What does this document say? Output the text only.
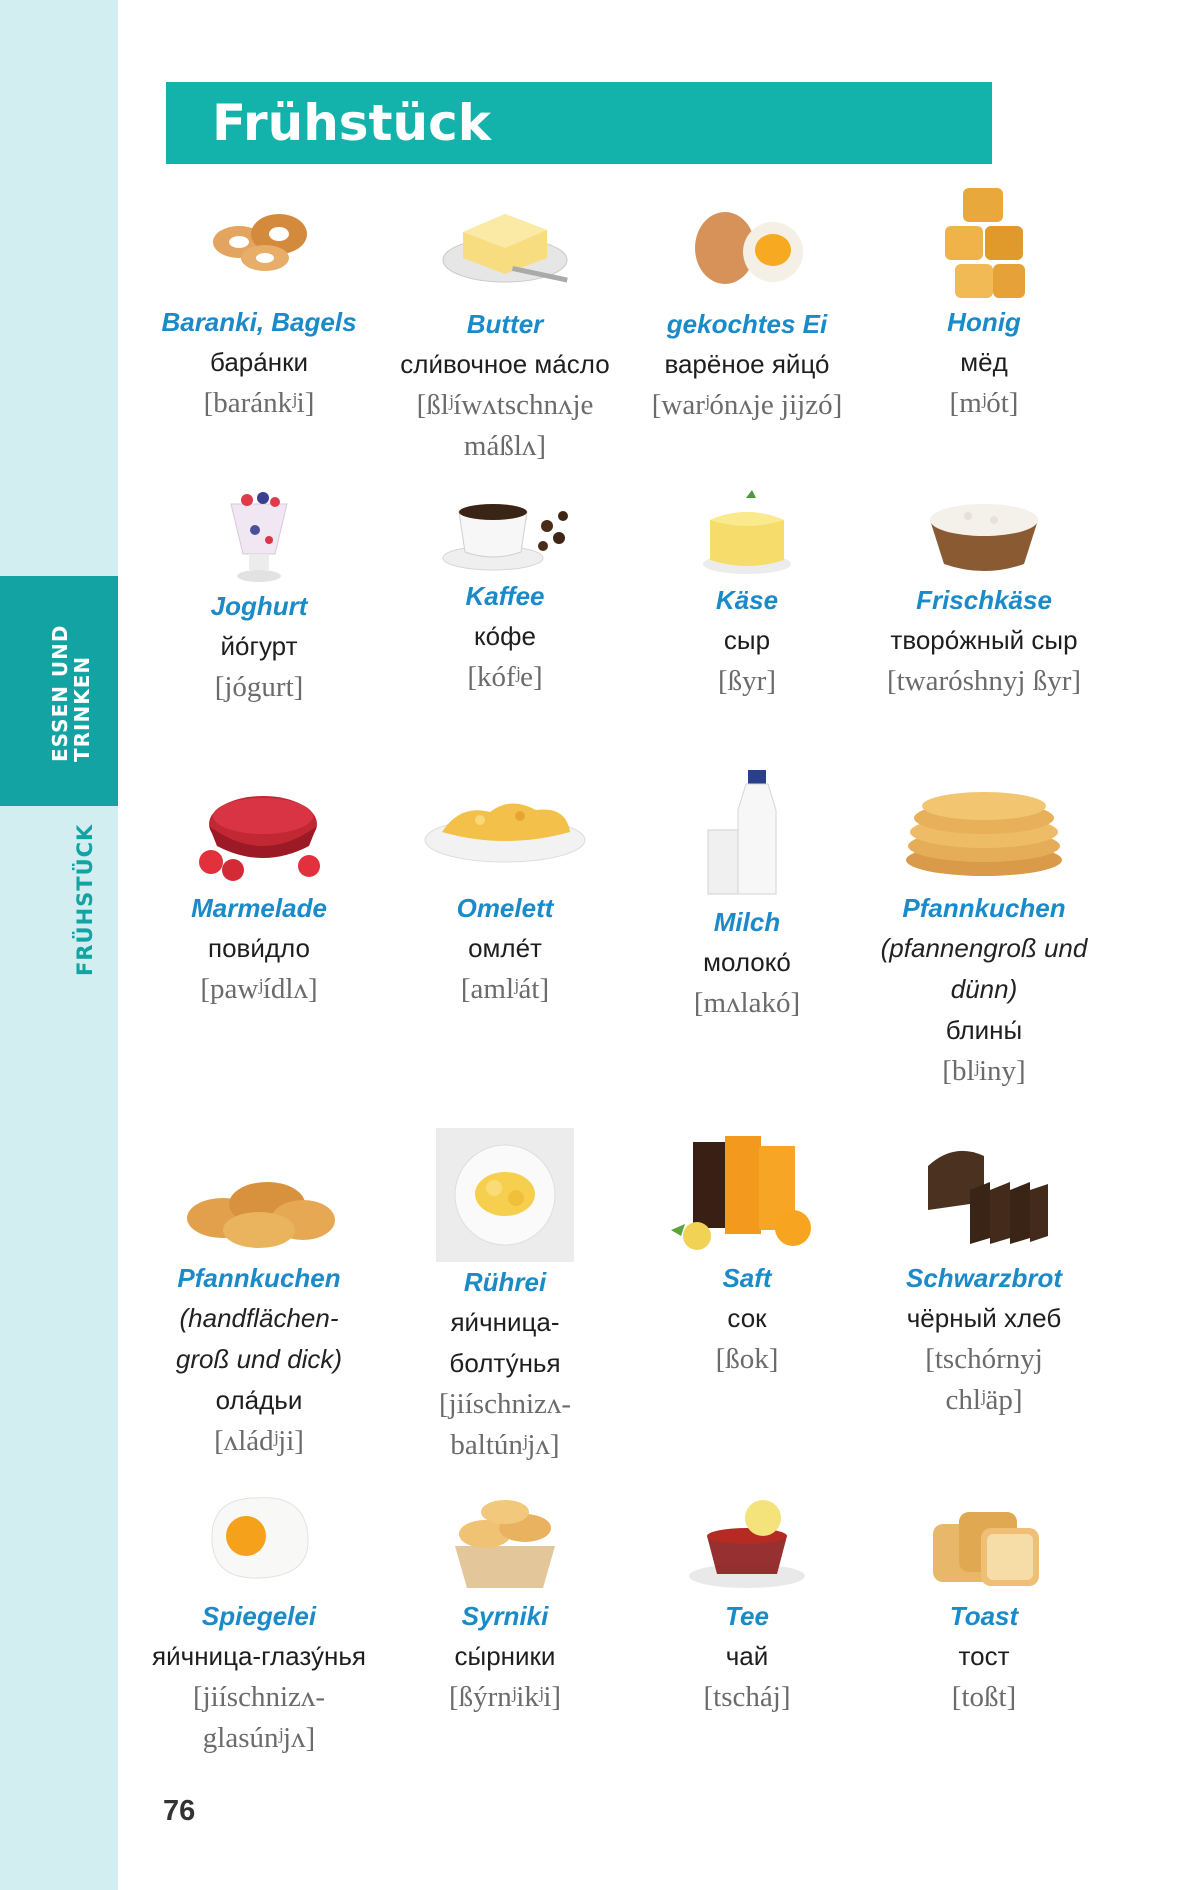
ESSEN UND
TRINKEN
FRÜHSTÜCK
Frühstück
Baranki, Bagels
бара́нки
[baránkʲi]
Butter
сли́вочное ма́сло
[ßlʲíwʌtschnʌje máßlʌ]
gekochtes Ei
варёное яйцо́
[warʲónʌje jijzó]
Honig
мёд
[mʲót]
Joghurt
йо́гурт
[jógurt]
Kaffee
ко́фе
[kófʲe]
Käse
сыр
[ßyr]
Frischkäse
творо́жный сыр
[twaróshnyj ßyr]
Marmelade
пови́дло
[pawʲídlʌ]
Omelett
омле́т
[amlʲát]
Milch
молоко́
[mʌlakó]
Pfannkuchen
(pfannengroß und dünn)
блины́
[blʲiny]
Pfannkuchen
(handflächen-groß und dick)
ола́дьи
[ʌládʲji]
Rührei
яи́чница-болту́нья
[jiíschnizʌ-baltúnʲjʌ]
Saft
сок
[ßok]
Schwarzbrot
чёрный хлеб
[tschórnyj chlʲäp]
Spiegelei
яи́чница-глазу́нья
[jiíschnizʌ-glasúnʲjʌ]
Syrniki
сы́рники
[ßýrnʲikʲi]
Tee
чай
[tscháj]
Toast
тост
[toßt]
76
